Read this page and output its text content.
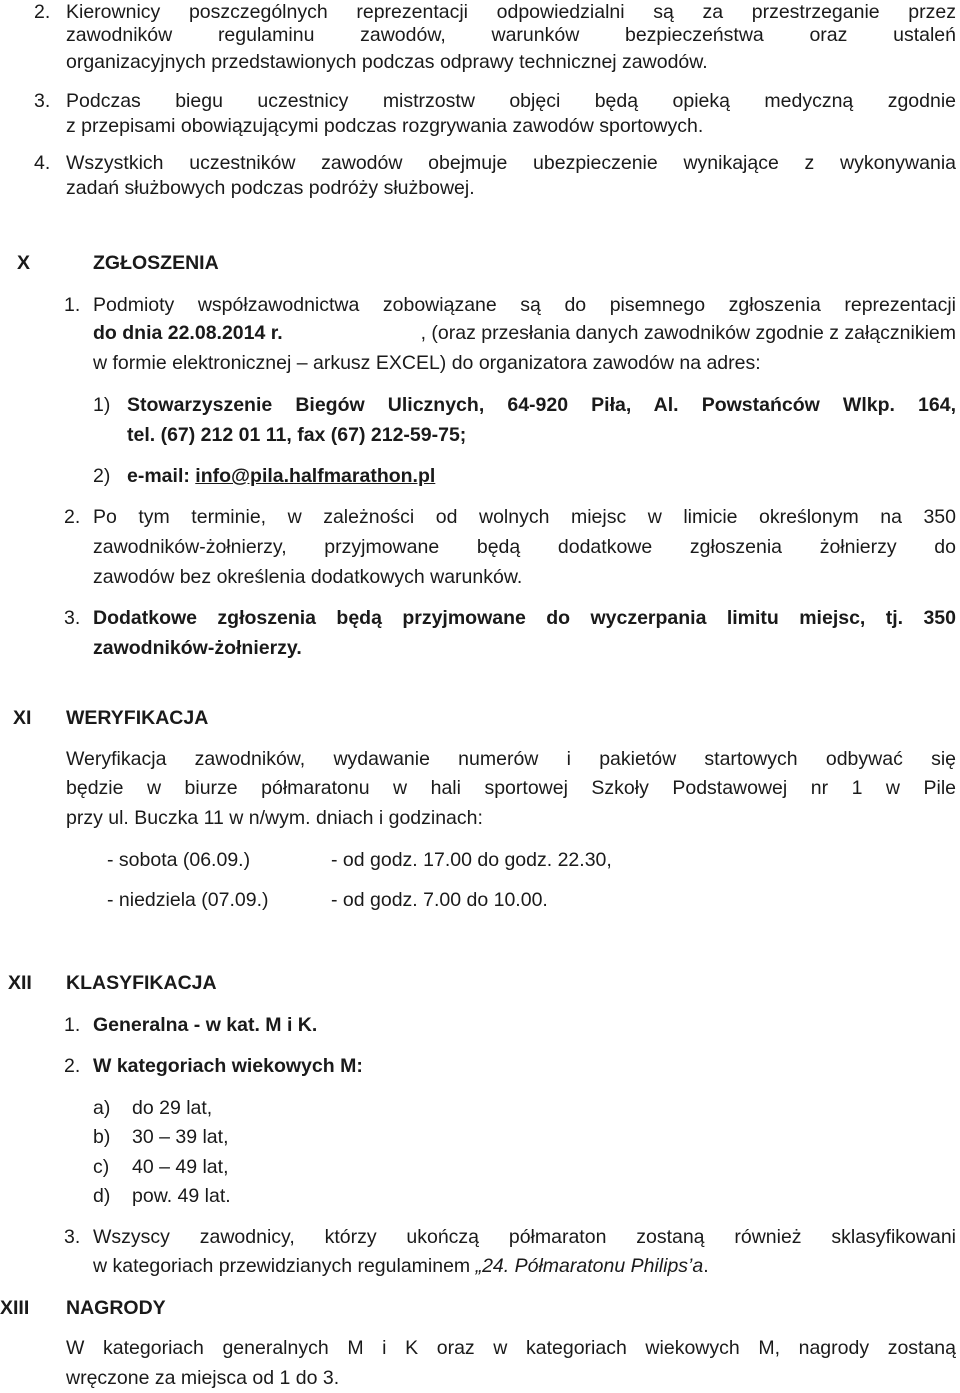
2. Kierownicy poszczególnych reprezentacji odpowiedzialni są za przestrzeganie przez
zawodników regulaminu zawodów, warunków bezpieczeństwa oraz ustaleń
organizacyjnych przedstawionych podczas odprawy technicznej zawodów.
3. Podczas biegu uczestnicy mistrzostw objęci będą opieką medyczną zgodnie
z przepisami obowiązującymi podczas rozgrywania zawodów sportowych.
4. Wszystkich uczestników zawodów obejmuje ubezpieczenie wynikające z wykonywania
zadań służbowych podczas podróży służbowej.
X	ZGŁOSZENIA
1. Podmioty współzawodnictwa zobowiązane są do pisemnego zgłoszenia reprezentacji
do dnia 22.08.2014 r.	, (oraz przesłania danych zawodników zgodnie z załącznikiem
w formie elektronicznej – arkusz EXCEL) do organizatora zawodów na adres:
1) Stowarzyszenie Biegów Ulicznych, 64-920 Piła, Al. Powstańców Wlkp. 164,
tel. (67) 212 01 11, fax (67) 212-59-75;
2) e-mail: info@pila.halfmarathon.pl
2. Po tym terminie, w zależności od wolnych miejsc w limicie określonym na 350
zawodników-żołnierzy, przyjmowane będą dodatkowe zgłoszenia żołnierzy do
zawodów bez określenia dodatkowych warunków.
3. Dodatkowe zgłoszenia będą przyjmowane do wyczerpania limitu miejsc, tj. 350
zawodników-żołnierzy.
XI WERYFIKACJA
Weryfikacja zawodników, wydawanie numerów i pakietów startowych odbywać się
będzie w biurze półmaratonu w hali sportowej Szkoły Podstawowej nr 1 w Pile
przy ul. Buczka 11 w n/wym. dniach i godzinach:
- sobota (06.09.)	- od godz. 17.00 do godz. 22.30,
- niedziela (07.09.)	- od godz. 7.00 do 10.00.
XII KLASYFIKACJA
1. Generalna - w kat. M i K.
2. W kategoriach wiekowych M:
a) do 29 lat,
b) 30 – 39 lat,
c) 40 – 49 lat,
d) pow. 49 lat.
3. Wszyscy zawodnicy, którzy ukończą półmaraton zostaną również sklasyfikowani
w kategoriach przewidzianych regulaminem „24. Półmaratonu Philips’a.
XIII NAGRODY
W kategoriach generalnych M i K oraz w kategoriach wiekowych M, nagrody zostaną
wręczone za miejsca od 1 do 3.
